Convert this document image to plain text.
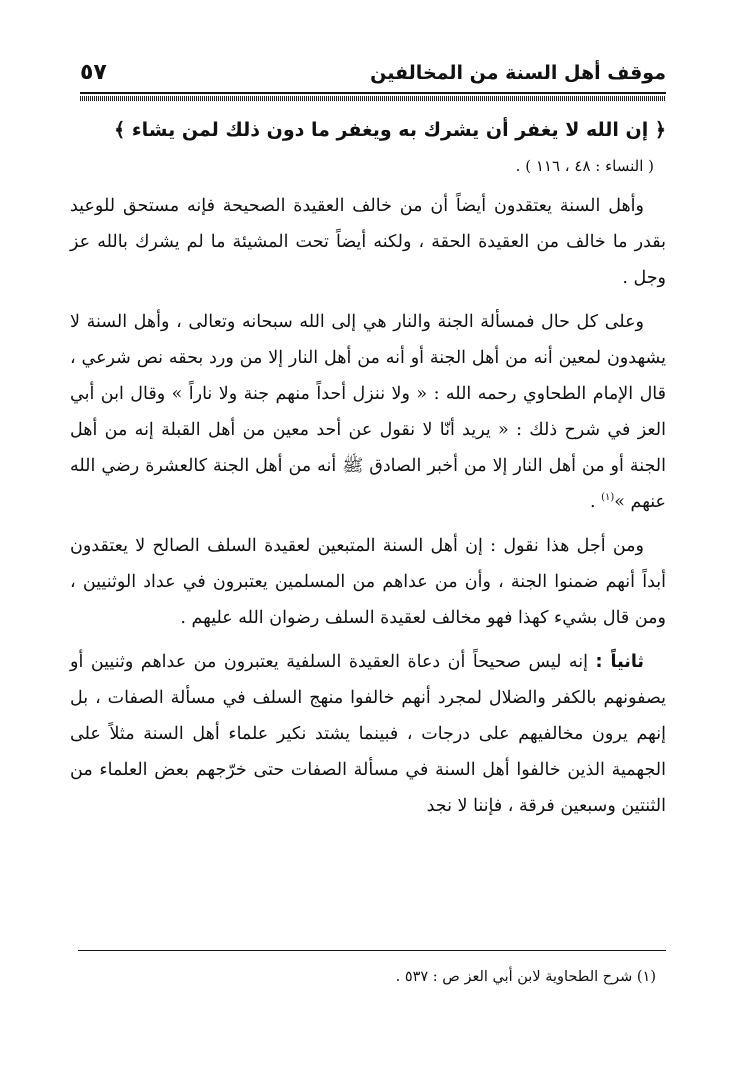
موقف أهل السنة من المخالفين
٥٧

﴿ إن الله لا يغفر أن يشرك به ويغفر ما دون ذلك لمن يشاء ﴾

( النساء : ٤٨ ، ١١٦ ) .

وأهل السنة يعتقدون أيضاً أن من خالف العقيدة الصحيحة فإنه مستحق للوعيد بقدر ما خالف من العقيدة الحقة ، ولكنه أيضاً تحت المشيئة ما لم يشرك بالله عز وجل .

وعلى كل حال فمسألة الجنة والنار هي إلى الله سبحانه وتعالى ، وأهل السنة لا يشهدون لمعين أنه من أهل الجنة أو أنه من أهل النار إلا من ورد بحقه نص شرعي ، قال الإمام الطحاوي رحمه الله : « ولا ننزل أحداً منهم جنة ولا ناراً » وقال ابن أبي العز في شرح ذلك : « يريد أنّا لا نقول عن أحد معين من أهل القبلة إنه من أهل الجنة أو من أهل النار إلا من أخبر الصادق ﷺ أنه من أهل الجنة كالعشرة رضي الله عنهم »$^{(١)}$ .

ومن أجل هذا نقول : إن أهل السنة المتبعين لعقيدة السلف الصالح لا يعتقدون أبداً أنهم ضمنوا الجنة ، وأن من عداهم من المسلمين يعتبرون في عداد الوثنيين ، ومن قال بشيء كهذا فهو مخالف لعقيدة السلف رضوان الله عليهم .

ثانياً : إنه ليس صحيحاً أن دعاة العقيدة السلفية يعتبرون من عداهم وثنيين أو يصفونهم بالكفر والضلال لمجرد أنهم خالفوا منهج السلف في مسألة الصفات ، بل إنهم يرون مخالفيهم على درجات ، فبينما يشتد نكير علماء أهل السنة مثلاً على الجهمية الذين خالفوا أهل السنة في مسألة الصفات حتى خرّجهم بعض العلماء من الثنتين وسبعين فرقة ، فإننا لا نجد

(١) شرح الطحاوية لابن أبي العز ص : ٥٣٧ .
